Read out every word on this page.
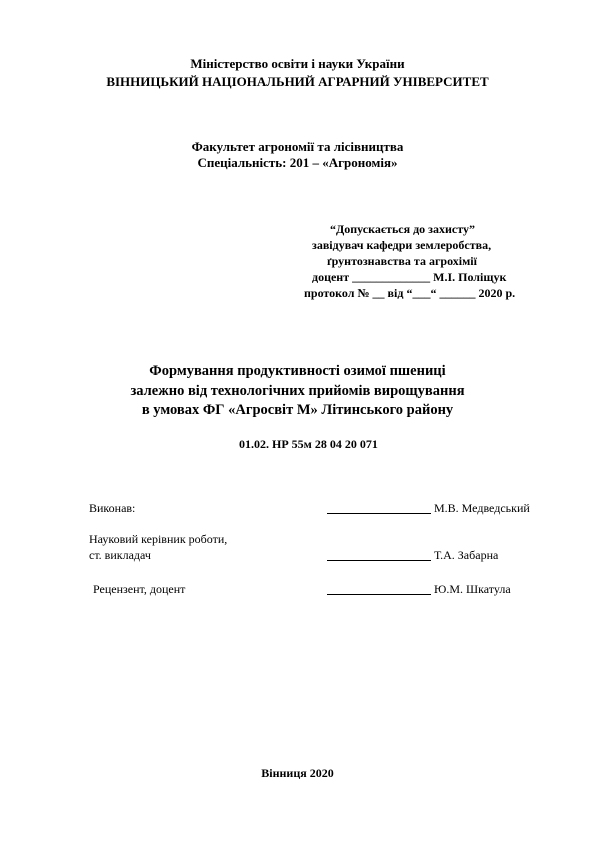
Міністерство освіти і науки України
ВІННИЦЬКИЙ НАЦІОНАЛЬНИЙ АГРАРНИЙ УНІВЕРСИТЕТ
Факультет агрономії та лісівництва
Спеціальність: 201 – «Агрономія»
“Допускається до захисту”
завідувач кафедри землеробства,
ґрунтознавства та агрохімії
доцент _____________ М.І. Поліщук
протокол № __ від “___“ ______ 2020 р.
Формування продуктивності озимої пшениці
залежно від технологічних прийомів вирощування
в умовах ФГ «Агросвіт М» Літинського району
01.02. НР 55м 28 04 20 071
Виконав:	М.В. Медведський
Науковий керівник роботи,
ст. викладач	Т.А. Забарна
Рецензент, доцент	Ю.М. Шкатула
Вінниця 2020
